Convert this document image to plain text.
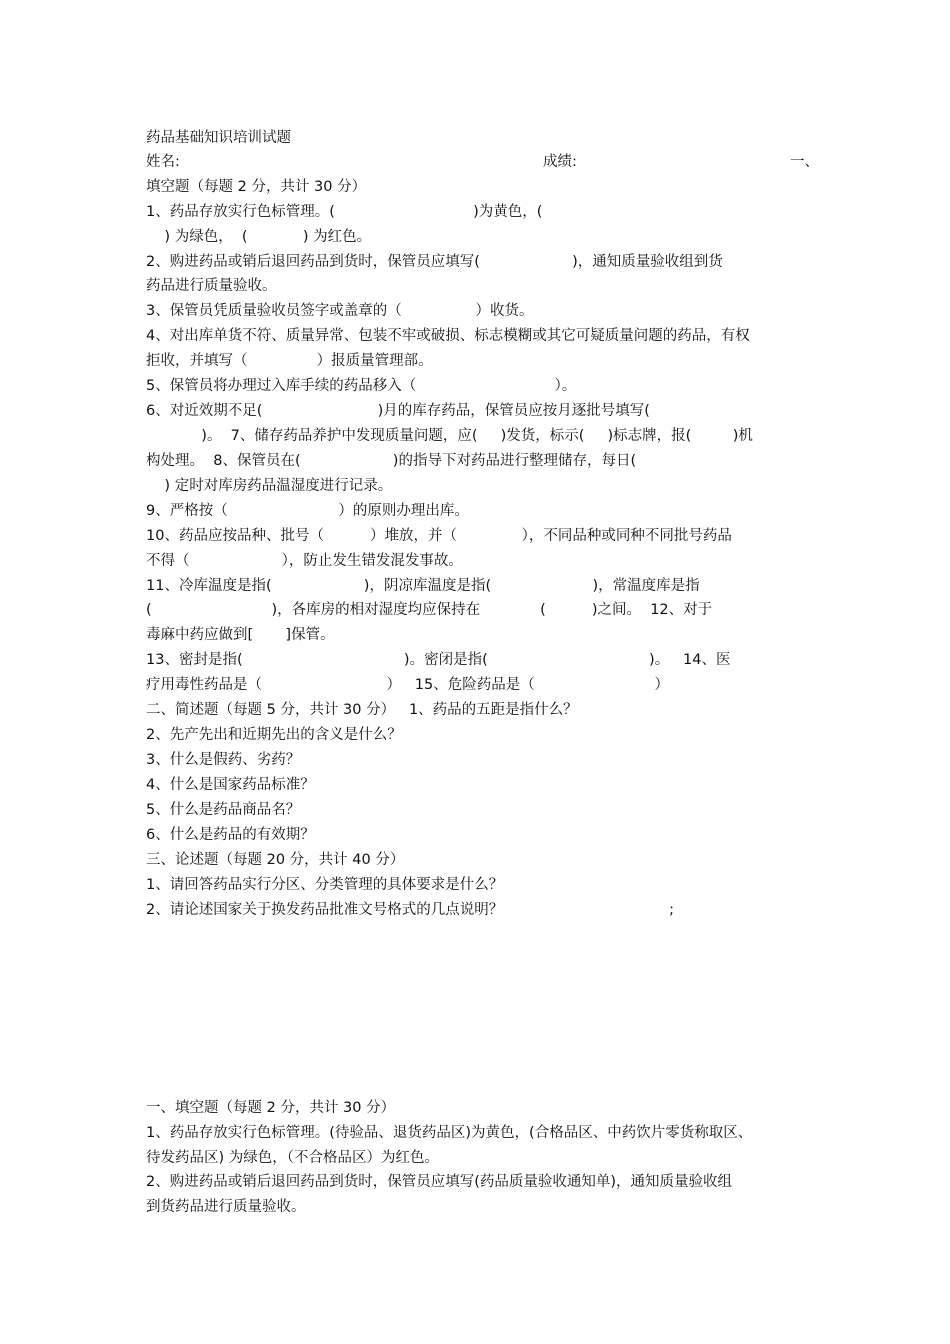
药品基础知识培训试题
姓名:	成绩:	一、
填空题（每题 2 分，共计 30 分）
1、药品存放实行色标管理。(                              )为黄色，(
) 为绿色，  (            ) 为红色。
2、购进药品或销后退回药品到货时，保管员应填写(                    )，通知质量验收组到货
药品进行质量验收。
3、保管员凭质量验收员签字或盖章的（                ）收货。
4、对出库单货不符、质量异常、包装不牢或破损、标志模糊或其它可疑质量问题的药品，有权
拒收，并填写（               ）报质量管理部。
5、保管员将办理过入库手续的药品移入（                              ）。
6、对近效期不足(                         )月的库存药品，保管员应按月逐批号填写(
)。  7、储存药品养护中发现质量问题，应(     )发货，标示(     )标志牌，报(         )机
构处理。  8、保管员在(                    )的指导下对药品进行整理储存，每日(
) 定时对库房药品温湿度进行记录。
9、严格按（                        ）的原则办理出库。
10、药品应按品种、批号（          ）堆放，并（              ），不同品种或同种不同批号药品
不得（                    ），防止发生错发混发事故。
11、冷库温度是指(                    )，阴凉库温度是指(                      )，常温度库是指
(                          )，各库房的相对湿度均应保持在             (          )之间。  12、对于
毒麻中药应做到[       ]保管。
13、密封是指(                                   )。密闭是指(                                   )。   14、医
疗用毒性药品是（                           ）   15、危险药品是（                          ）
二、简述题（每题 5 分，共计 30 分）   1、药品的五距是指什么？
2、先产先出和近期先出的含义是什么？
3、什么是假药、劣药？
4、什么是国家药品标准？
5、什么是药品商品名？
6、什么是药品的有效期？
三、论述题（每题 20 分，共计 40 分）
1、请回答药品实行分区、分类管理的具体要求是什么？
2、请论述国家关于换发药品批准文号格式的几点说明？                                    ;
一、填空题（每题 2 分，共计 30 分）
1、药品存放实行色标管理。(待验品、退货药品区)为黄色，(合格品区、中药饮片零货称取区、
待发药品区) 为绿色，（不合格品区）为红色。
2、购进药品或销后退回药品到货时，保管员应填写(药品质量验收通知单)，通知质量验收组
到货药品进行质量验收。
